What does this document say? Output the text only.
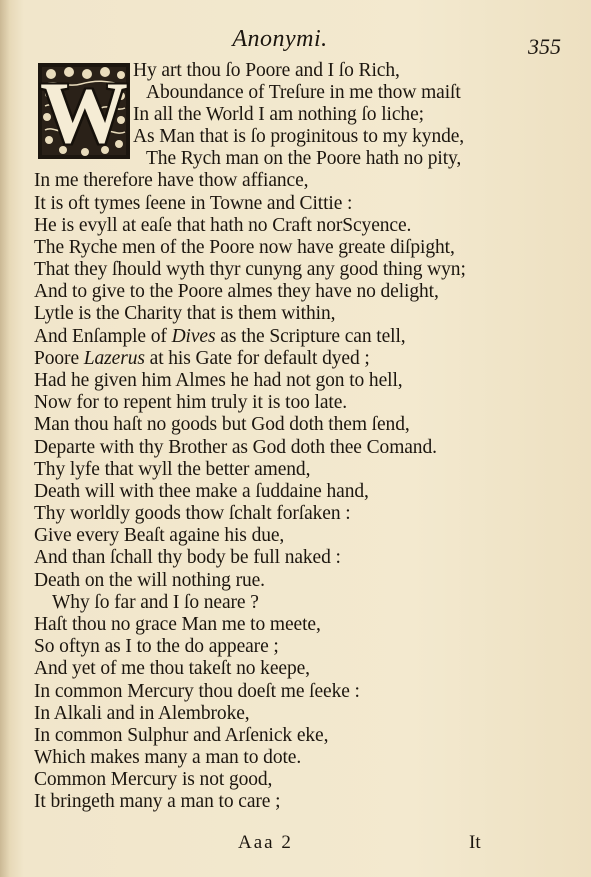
Anonymi.	355
W Hy art thou ſo Poore and I ſo Rich,
Aboundance of Treſure in me thow maiſt
In all the World I am nothing ſo liche;
As Man that is ſo proginitous to my kynde,
The Rych man on the Poore hath no pity,
In me therefore have thow affiance,
It is oft tymes ſeene in Towne and Cittie :
He is evyll at eaſe that hath no Craft norScyence.
The Ryche men of the Poore now have greate diſpight,
That they ſhould wyth thyr cunyng any good thing wyn;
And to give to the Poore almes they have no delight,
Lytle is the Charity that is them within,
And Enſample of Dives as the Scripture can tell,
Poore Lazerus at his Gate for default dyed ;
Had he given him Almes he had not gon to hell,
Now for to repent him truly it is too late.
Man thou haſt no goods but God doth them ſend,
Departe with thy Brother as God doth thee Comand.
Thy lyfe that wyll the better amend,
Death will with thee make a ſuddaine hand,
Thy worldly goods thow ſchalt forſaken :
Give every Beaſt againe his due,
And than ſchall thy body be full naked :
Death on the will nothing rue.
Why ſo far and I ſo neare ?
Haſt thou no grace Man me to meete,
So oftyn as I to the do appeare ;
And yet of me thou takeſt no keepe,
In common Mercury thou doeſt me ſeeke :
In Alkali and in Alembroke,
In common Sulphur and Arſenick eke,
Which makes many a man to dote.
Common Mercury is not good,
It bringeth many a man to care ;
Aaa 2	It
